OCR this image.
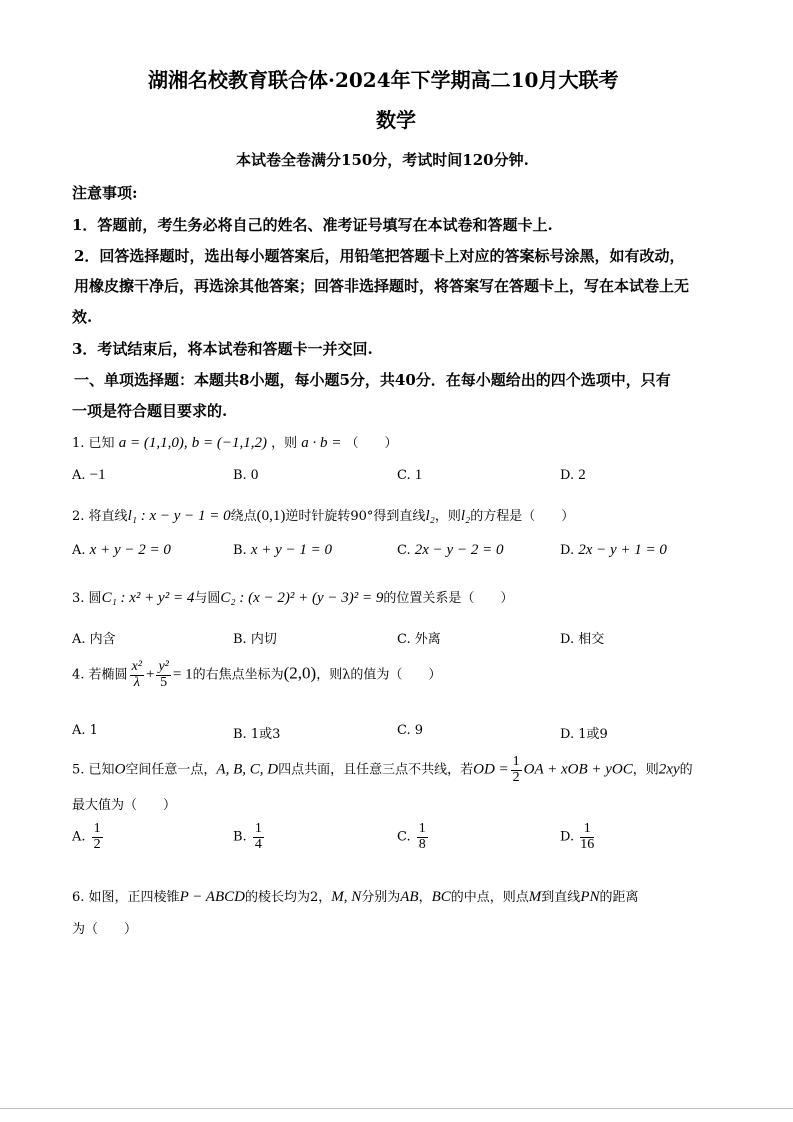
湖湘名校教育联合体·2024年下学期高二10月大联考
数学
本试卷全卷满分150分，考试时间120分钟.
注意事项:
1．答题前，考生务必将自己的姓名、准考证号填写在本试卷和答题卡上.
2．回答选择题时，选出每小题答案后，用铅笔把答题卡上对应的答案标号涂黑，如有改动，
用橡皮擦干净后，再选涂其他答案；回答非选择题时，将答案写在答题卡上，写在本试卷上无
效.
3．考试结束后，将本试卷和答题卡一并交回.
一、单项选择题：本题共8小题，每小题5分，共40分．在每小题给出的四个选项中，只有
一项是符合题目要求的.
1. 已知 a = (1,1,0), b = (−1,1,2) ，则 a · b = （　　）
A. −1	B. 0	C. 1	D. 2
2. 将直线l₁ : x − y − 1 = 0绕点(0,1)逆时针旋转90°得到直线l₂，则l₂的方程是（　　）
A. x + y − 2 = 0	B. x + y − 1 = 0	C. 2x − y − 2 = 0	D. 2x − y + 1 = 0
3. 圆C₁ : x² + y² = 4与圆C₂ : (x − 2)² + (y − 3)² = 9的位置关系是（　　）
A. 内含	B. 内切	C. 外离	D. 相交
4. 若椭圆 $\frac{\text{x²}}{\lambda} + \frac{\text{y²}}{5} = 1$的右焦点坐标为(2,0)，则λ的值为（　　）
A. 1	B. 1或3	C. 9	D. 1或9
5. 已知O空间任意一点，A, B, C, D四点共面，且任意三点不共线，若OD = $\frac{1}{2}$ OA + xOB + yOC，则2xy的
最大值为（　　）
A. $\frac{1}{2}$	B. $\frac{1}{4}$	C. $\frac{1}{8}$	D. $\frac{1}{16}$
6. 如图，正四棱锥P − ABCD的棱长均为2，M, N分别为AB，BC的中点，则点M到直线PN的距离
为（　　）
